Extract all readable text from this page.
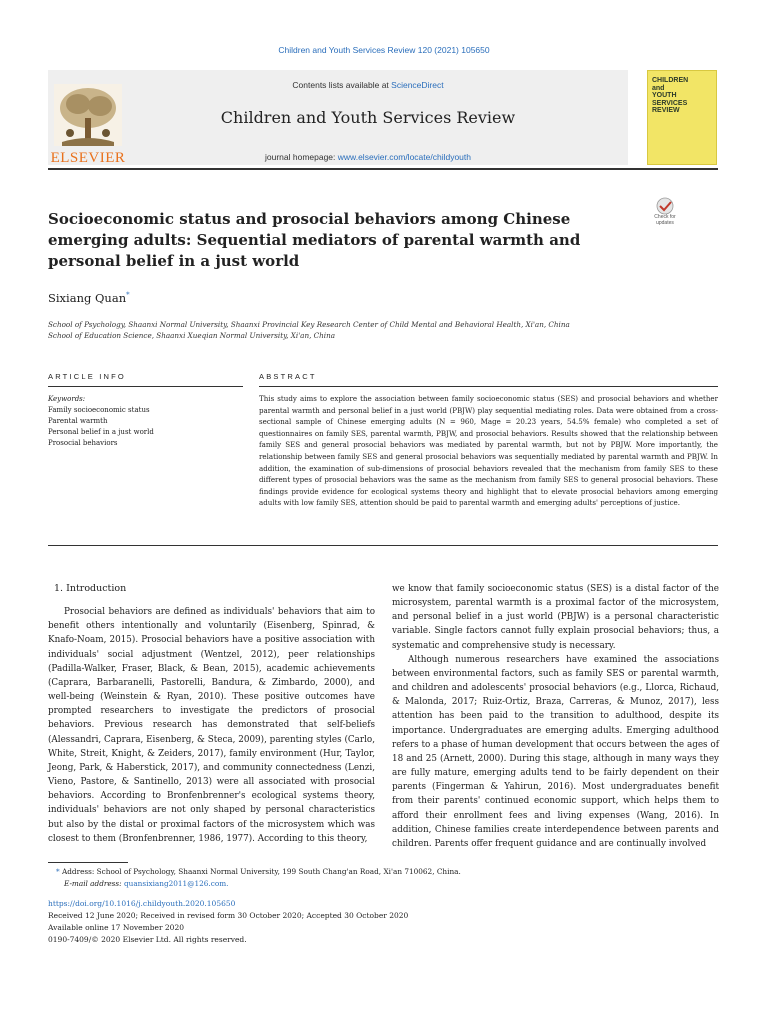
Children and Youth Services Review 120 (2021) 105650
ELSEVIER
Contents lists available at ScienceDirect
Children and Youth Services Review
journal homepage: www.elsevier.com/locate/childyouth
CHILDREN
and
YOUTH
SERVICES
REVIEW
Socioeconomic status and prosocial behaviors among Chinese emerging adults: Sequential mediators of parental warmth and personal belief in a just world
Check for
updates
Sixiang Quan*
School of Psychology, Shaanxi Normal University, Shaanxi Provincial Key Research Center of Child Mental and Behavioral Health, Xi'an, China
School of Education Science, Shaanxi Xueqian Normal University, Xi'an, China
ARTICLE INFO	ABSTRACT
Keywords:
Family socioeconomic status
Parental warmth
Personal belief in a just world
Prosocial behaviors
This study aims to explore the association between family socioeconomic status (SES) and prosocial behaviors and whether parental warmth and personal belief in a just world (PBJW) play sequential mediating roles. Data were obtained from a cross-sectional sample of Chinese emerging adults (N = 960, Mage = 20.23 years, 54.5% female) who completed a set of questionnaires on family SES, parental warmth, PBJW, and prosocial behaviors. Results showed that the relationship between family SES and general prosocial behaviors was mediated by parental warmth, but not by PBJW. More importantly, the relationship between family SES and general prosocial behaviors was sequentially mediated by parental warmth and PBJW. In addition, the examination of sub-dimensions of prosocial behaviors revealed that the mechanism from family SES to these different types of prosocial behaviors was the same as the mechanism from family SES to general prosocial behaviors. These findings provide evidence for ecological systems theory and highlight that to elevate prosocial behaviors among emerging adults with low family SES, attention should be paid to parental warmth and emerging adults' perceptions of justice.
1. Introduction
Prosocial behaviors are defined as individuals' behaviors that aim to benefit others intentionally and voluntarily (Eisenberg, Spinrad, & Knafo-Noam, 2015). Prosocial behaviors have a positive association with individuals' social adjustment (Wentzel, 2012), peer relationships (Padilla-Walker, Fraser, Black, & Bean, 2015), academic achievements (Caprara, Barbaranelli, Pastorelli, Bandura, & Zimbardo, 2000), and well-being (Weinstein & Ryan, 2010). These positive outcomes have prompted researchers to investigate the predictors of prosocial behaviors. Previous research has demonstrated that self-beliefs (Alessandri, Caprara, Eisenberg, & Steca, 2009), parenting styles (Carlo, White, Streit, Knight, & Zeiders, 2017), family environment (Hur, Taylor, Jeong, Park, & Haberstick, 2017), and community connectedness (Lenzi, Vieno, Pastore, & Santinello, 2013) were all associated with prosocial behaviors. According to Bronfenbrenner's ecological systems theory, individuals' behaviors are not only shaped by personal characteristics but also by the distal or proximal factors of the microsystem which was closest to them (Bronfenbrenner, 1986, 1977). According to this theory,
we know that family socioeconomic status (SES) is a distal factor of the microsystem, parental warmth is a proximal factor of the microsystem, and personal belief in a just world (PBJW) is a personal characteristic variable. Single factors cannot fully explain prosocial behaviors; thus, a systematic and comprehensive study is necessary.
Although numerous researchers have examined the associations between environmental factors, such as family SES or parental warmth, and children and adolescents' prosocial behaviors (e.g., Llorca, Richaud, & Malonda, 2017; Ruiz-Ortiz, Braza, Carreras, & Munoz, 2017), less attention has been paid to the transition to adulthood, despite its importance. Undergraduates are emerging adults. Emerging adulthood refers to a phase of human development that occurs between the ages of 18 and 25 (Arnett, 2000). During this stage, although in many ways they are fully mature, emerging adults tend to be fairly dependent on their parents (Fingerman & Yahirun, 2016). Most undergraduates benefit from their parents' continued economic support, which helps them to afford their enrollment fees and living expenses (Wang, 2016). In addition, Chinese families create interdependence between parents and children. Parents offer frequent guidance and are continually involved
* Address: School of Psychology, Shaanxi Normal University, 199 South Chang'an Road, Xi'an 710062, China.
E-mail address: quansixiang2011@126.com.
https://doi.org/10.1016/j.childyouth.2020.105650
Received 12 June 2020; Received in revised form 30 October 2020; Accepted 30 October 2020
Available online 17 November 2020
0190-7409/© 2020 Elsevier Ltd. All rights reserved.
